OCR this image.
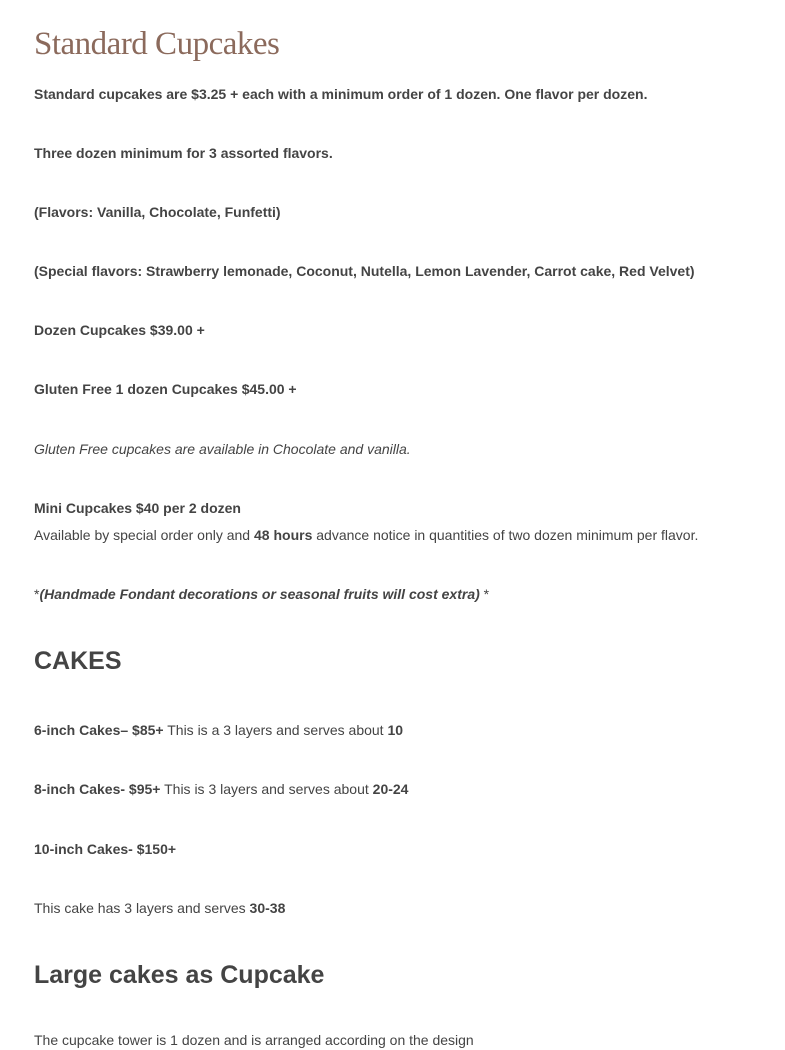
Standard Cupcakes
Standard cupcakes are $3.25 + each with a minimum order of 1 dozen. One flavor per dozen.
Three dozen minimum for 3 assorted flavors.
(Flavors: Vanilla, Chocolate, Funfetti)
(Special flavors: Strawberry lemonade, Coconut, Nutella, Lemon Lavender, Carrot cake, Red Velvet)
Dozen Cupcakes $39.00 +
Gluten Free 1 dozen Cupcakes $45.00 +
Gluten Free cupcakes are available in Chocolate and vanilla.
Mini Cupcakes $40 per 2 dozen
Available by special order only and 48 hours advance notice in quantities of two dozen minimum per flavor.
*(Handmade Fondant decorations or seasonal fruits will cost extra) *
CAKES
6-inch Cakes– $85+ This is a 3 layers and serves about 10
8-inch Cakes- $95+ This is 3 layers and serves about 20-24
10-inch Cakes- $150+
This cake has 3 layers and serves 30-38
Large cakes as Cupcake
The cupcake tower is 1 dozen and is arranged according on the design
